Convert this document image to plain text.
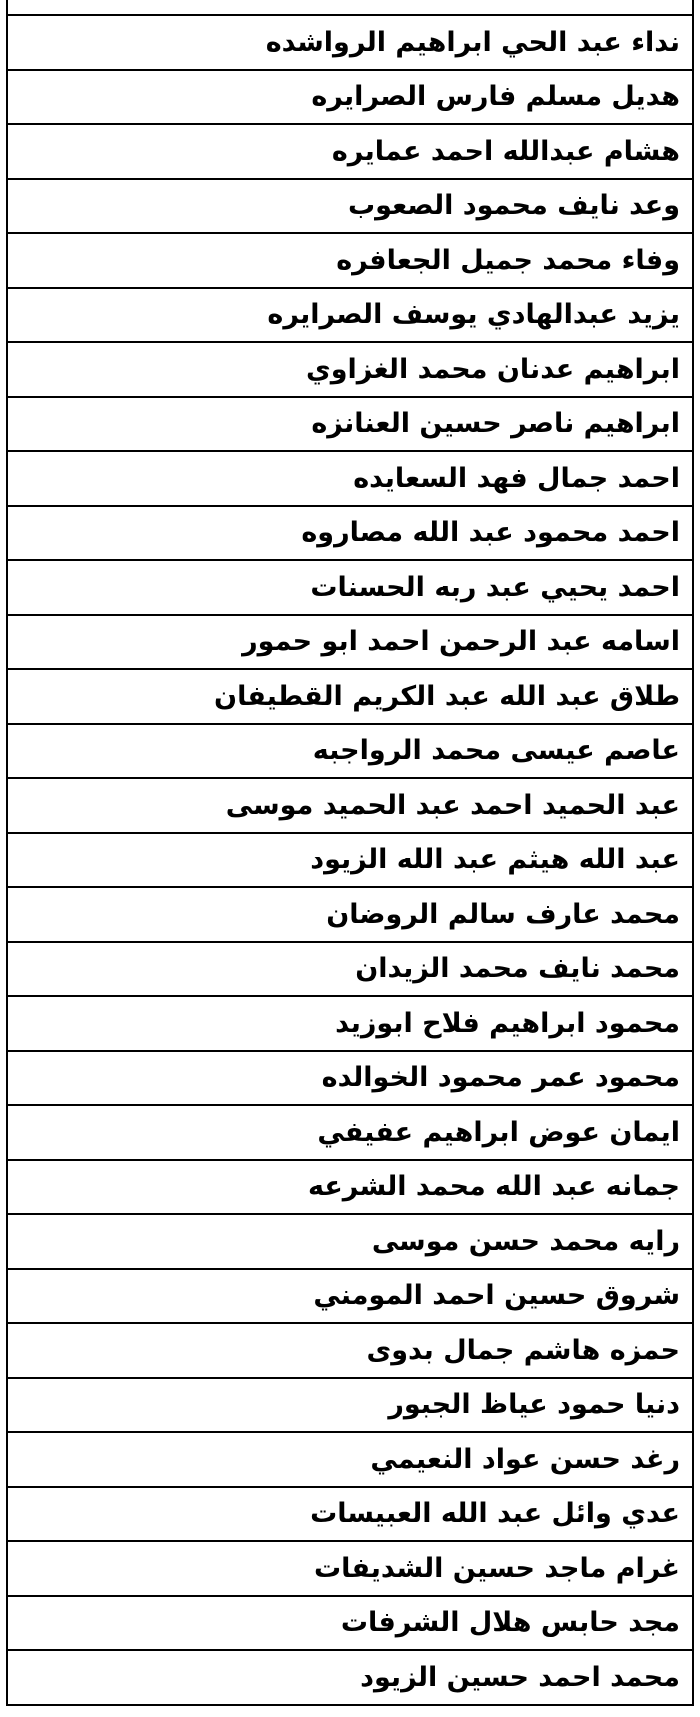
نداء عبد الحي ابراهيم الرواشده
هديل مسلم فارس الصرايره
هشام عبدالله احمد عمايره
وعد نايف محمود الصعوب
وفاء محمد جميل الجعافره
يزيد عبدالهادي يوسف الصرايره
ابراهيم عدنان محمد الغزاوي
ابراهيم ناصر حسين العنانزه
احمد جمال فهد السعايده
احمد محمود عبد الله مصاروه
احمد يحيي عبد ربه الحسنات
اسامه عبد الرحمن احمد ابو حمور
طلاق عبد الله عبد الكريم القطيفان
عاصم عيسى محمد الرواجبه
عبد الحميد احمد عبد الحميد موسى
عبد الله هيثم عبد الله الزيود
محمد عارف سالم الروضان
محمد نايف محمد الزيدان
محمود ابراهيم فلاح ابوزيد
محمود عمر محمود الخوالده
ايمان عوض ابراهيم عفيفي
جمانه عبد الله محمد الشرعه
رايه محمد حسن موسى
شروق حسين احمد المومني
حمزه هاشم جمال بدوى
دنيا حمود عياظ الجبور
رغد حسن عواد النعيمي
عدي وائل عبد الله العبيسات
غرام ماجد حسين الشديفات
مجد حابس هلال الشرفات
محمد احمد حسين الزيود
